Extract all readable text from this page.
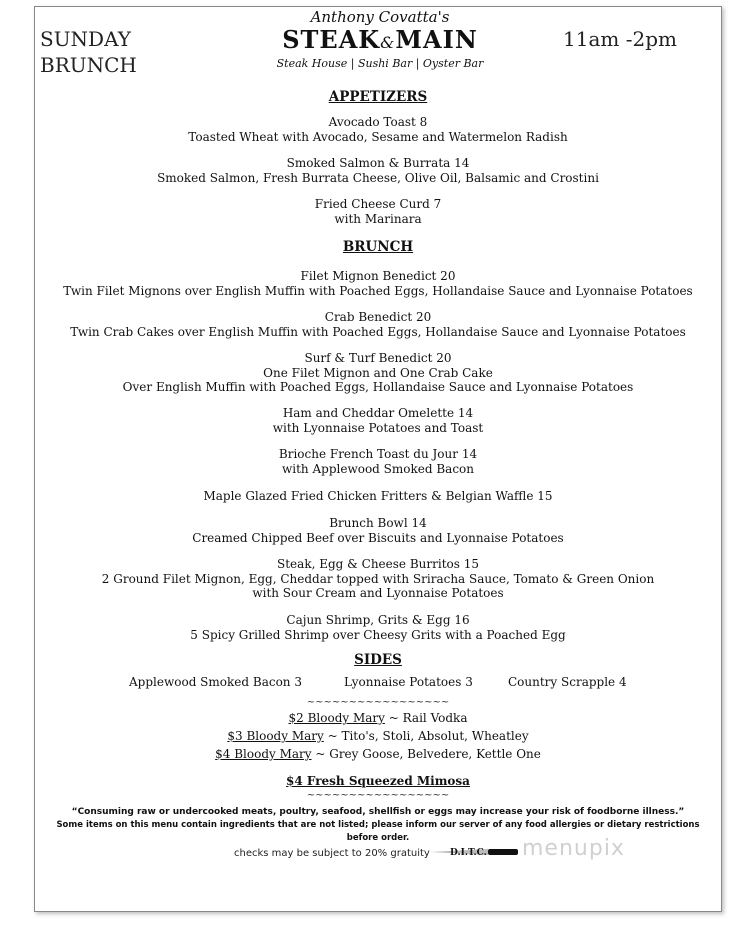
SUNDAY
BRUNCH
Anthony Covatta's
STEAK&MAIN
Steak House | Sushi Bar | Oyster Bar
11am -2pm
APPETIZERS
Avocado Toast 8
Toasted Wheat with Avocado, Sesame and Watermelon Radish
Smoked Salmon & Burrata 14
Smoked Salmon, Fresh Burrata Cheese, Olive Oil, Balsamic and Crostini
Fried Cheese Curd 7
with Marinara
BRUNCH
Filet Mignon Benedict 20
Twin Filet Mignons over English Muffin with Poached Eggs, Hollandaise Sauce and Lyonnaise Potatoes
Crab Benedict 20
Twin Crab Cakes over English Muffin with Poached Eggs, Hollandaise Sauce and Lyonnaise Potatoes
Surf & Turf Benedict 20
One Filet Mignon and One Crab Cake
Over English Muffin with Poached Eggs, Hollandaise Sauce and Lyonnaise Potatoes
Ham and Cheddar Omelette 14
with Lyonnaise Potatoes and Toast
Brioche French Toast du Jour 14
with Applewood Smoked Bacon
Maple Glazed Fried Chicken Fritters & Belgian Waffle 15
Brunch Bowl 14
Creamed Chipped Beef over Biscuits and Lyonnaise Potatoes
Steak, Egg & Cheese Burritos 15
2 Ground Filet Mignon, Egg, Cheddar topped with Sriracha Sauce, Tomato & Green Onion
with Sour Cream and Lyonnaise Potatoes
Cajun Shrimp, Grits & Egg 16
5 Spicy Grilled Shrimp over Cheesy Grits with a Poached Egg
SIDES
Applewood Smoked Bacon 3	Lyonnaise Potatoes 3	Country Scrapple 4
~~~~~~~~~~~~~~~~~
$2 Bloody Mary ~ Rail Vodka
$3 Bloody Mary ~ Tito's, Stoli, Absolut, Wheatley
$4 Bloody Mary ~ Grey Goose, Belvedere, Kettle One
$4 Fresh Squeezed Mimosa
~~~~~~~~~~~~~~~~~
“Consuming raw or undercooked meats, poultry, seafood, shellfish or eggs may increase your risk of foodborne illness.”
Some items on this menu contain ingredients that are not listed; please inform our server of any food allergies or dietary restrictions before order.
checks may be subject to 20% gratuity D.I.T.C. menupix
